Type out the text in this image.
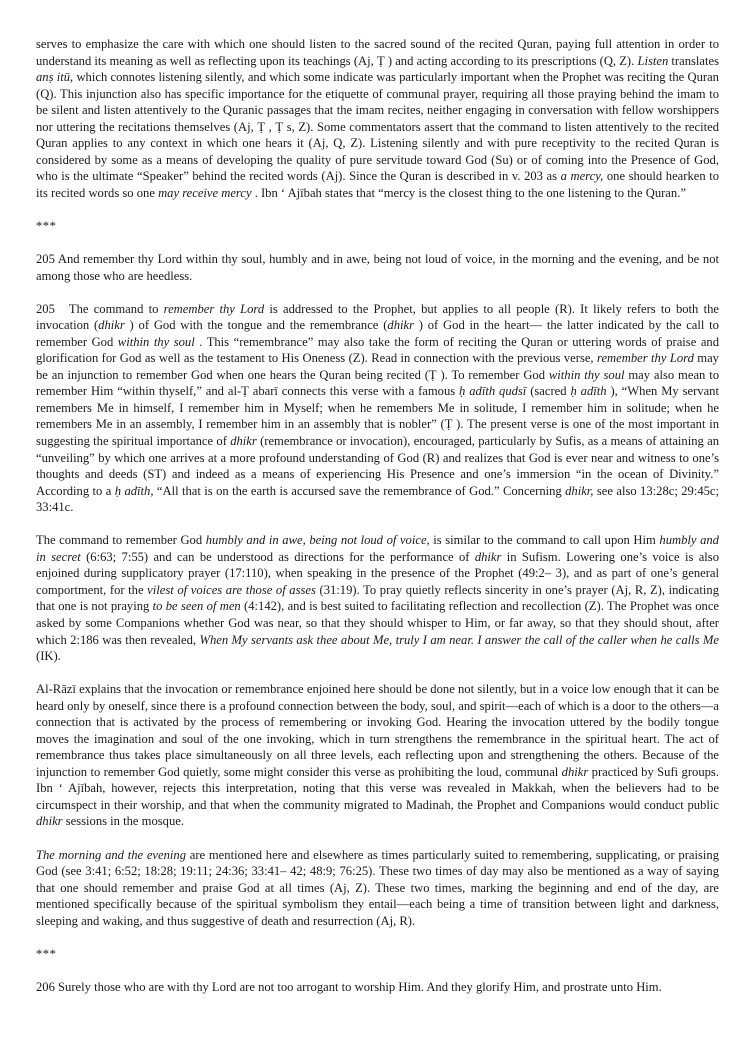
serves to emphasize the care with which one should listen to the sacred sound of the recited Quran, paying full attention in order to understand its meaning as well as reflecting upon its teachings (Aj, Ṭ ) and acting according to its prescriptions (Q, Z). Listen translates anṣ itū, which connotes listening silently, and which some indicate was particularly important when the Prophet was reciting the Quran (Q). This injunction also has specific importance for the etiquette of communal prayer, requiring all those praying behind the imam to be silent and listen attentively to the Quranic passages that the imam recites, neither engaging in conversation with fellow worshippers nor uttering the recitations themselves (Aj, Ṭ , Ṭ s, Z). Some commentators assert that the command to listen attentively to the recited Quran applies to any context in which one hears it (Aj, Q, Z). Listening silently and with pure receptivity to the recited Quran is considered by some as a means of developing the quality of pure servitude toward God (Su) or of coming into the Presence of God, who is the ultimate “Speaker” behind the recited words (Aj). Since the Quran is described in v. 203 as a mercy, one should hearken to its recited words so one may receive mercy . Ibn ʻ Ajībah states that “mercy is the closest thing to the one listening to the Quran.”

***

205 And remember thy Lord within thy soul, humbly and in awe, being not loud of voice, in the morning and the evening, and be not among those who are heedless.

205 The command to remember thy Lord is addressed to the Prophet, but applies to all people (R). It likely refers to both the invocation (dhikr ) of God with the tongue and the remembrance (dhikr ) of God in the heart— the latter indicated by the call to remember God within thy soul . This “remembrance” may also take the form of reciting the Quran or uttering words of praise and glorification for God as well as the testament to His Oneness (Z). Read in connection with the previous verse, remember thy Lord may be an injunction to remember God when one hears the Quran being recited (Ṭ ). To remember God within thy soul may also mean to remember Him “within thyself,” and al-Ṭ abarī connects this verse with a famous ḥ adīth qudsī (sacred ḥ adīth ), “When My servant remembers Me in himself, I remember him in Myself; when he remembers Me in solitude, I remember him in solitude; when he remembers Me in an assembly, I remember him in an assembly that is nobler” (Ṭ ). The present verse is one of the most important in suggesting the spiritual importance of dhikr (remembrance or invocation), encouraged, particularly by Sufis, as a means of attaining an “unveiling” by which one arrives at a more profound understanding of God (R) and realizes that God is ever near and witness to one’s thoughts and deeds (ST) and indeed as a means of experiencing His Presence and one’s immersion “in the ocean of Divinity.” According to a ḥ adīth, “All that is on the earth is accursed save the remembrance of God.” Concerning dhikr, see also 13:28c; 29:45c; 33:41c.

The command to remember God humbly and in awe, being not loud of voice, is similar to the command to call upon Him humbly and in secret (6:63; 7:55) and can be understood as directions for the performance of dhikr in Sufism. Lowering one’s voice is also enjoined during supplicatory prayer (17:110), when speaking in the presence of the Prophet (49:2– 3), and as part of one’s general comportment, for the vilest of voices are those of asses (31:19). To pray quietly reflects sincerity in one’s prayer (Aj, R, Z), indicating that one is not praying to be seen of men (4:142), and is best suited to facilitating reflection and recollection (Z). The Prophet was once asked by some Companions whether God was near, so that they should whisper to Him, or far away, so that they should shout, after which 2:186 was then revealed, When My servants ask thee about Me, truly I am near. I answer the call of the caller when he calls Me (IK).

Al-Rāzī explains that the invocation or remembrance enjoined here should be done not silently, but in a voice low enough that it can be heard only by oneself, since there is a profound connection between the body, soul, and spirit—each of which is a door to the others—a connection that is activated by the process of remembering or invoking God. Hearing the invocation uttered by the bodily tongue moves the imagination and soul of the one invoking, which in turn strengthens the remembrance in the spiritual heart. The act of remembrance thus takes place simultaneously on all three levels, each reflecting upon and strengthening the others. Because of the injunction to remember God quietly, some might consider this verse as prohibiting the loud, communal dhikr practiced by Sufi groups. Ibn ʻ Ajībah, however, rejects this interpretation, noting that this verse was revealed in Makkah, when the believers had to be circumspect in their worship, and that when the community migrated to Madinah, the Prophet and Companions would conduct public dhikr sessions in the mosque.

The morning and the evening are mentioned here and elsewhere as times particularly suited to remembering, supplicating, or praising God (see 3:41; 6:52; 18:28; 19:11; 24:36; 33:41– 42; 48:9; 76:25). These two times of day may also be mentioned as a way of saying that one should remember and praise God at all times (Aj, Z). These two times, marking the beginning and end of the day, are mentioned specifically because of the spiritual symbolism they entail—each being a time of transition between light and darkness, sleeping and waking, and thus suggestive of death and resurrection (Aj, R).

***

206 Surely those who are with thy Lord are not too arrogant to worship Him. And they glorify Him, and prostrate unto Him.
